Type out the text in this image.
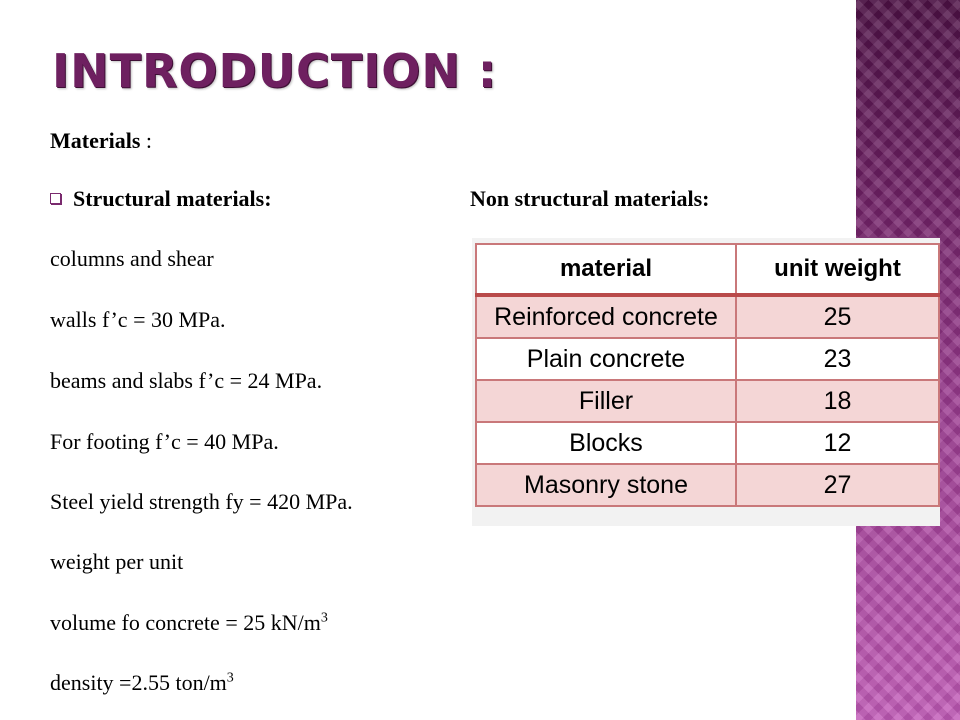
INTRODUCTION :
Materials :
Structural materials:	Non structural materials:
columns and shear
walls f’c = 30 MPa.
beams and slabs f’c = 24 MPa.
For footing f’c = 40 MPa.
Steel yield strength fy = 420 MPa.
weight per unit
volume fo concrete = 25 $kN/m^3$
density =2.55 ton/$m^3$
material	unit weight
Reinforced concrete	25
Plain concrete	23
Filler	18
Blocks	12
Masonry stone	27
